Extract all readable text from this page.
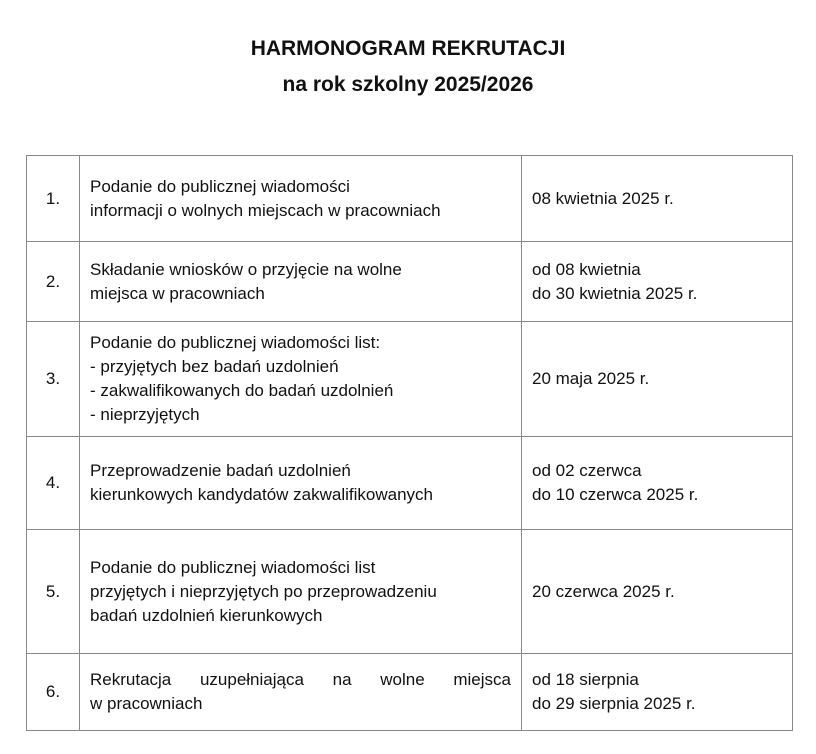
HARMONOGRAM REKRUTACJI
na rok szkolny 2025/2026
1.	Podanie do publicznej wiadomości
informacji o wolnych miejscach w pracowniach	08 kwietnia 2025 r.

2.	Składanie wniosków o przyjęcie na wolne
miejsca w pracowniach	od 08 kwietnia
do 30 kwietnia 2025 r.

3.	Podanie do publicznej wiadomości list:
- przyjętych bez badań uzdolnień
- zakwalifikowanych do badań uzdolnień
- nieprzyjętych	20 maja 2025 r.

4.	Przeprowadzenie badań uzdolnień
kierunkowych kandydatów zakwalifikowanych	od 02 czerwca
do 10 czerwca 2025 r.

5.	Podanie do publicznej wiadomości list
przyjętych i nieprzyjętych po przeprowadzeniu
badań uzdolnień kierunkowych	20 czerwca 2025 r.

6.	Rekrutacja uzupełniająca na wolne miejsca
w pracowniach	od 18 sierpnia
do 29 sierpnia 2025 r.
